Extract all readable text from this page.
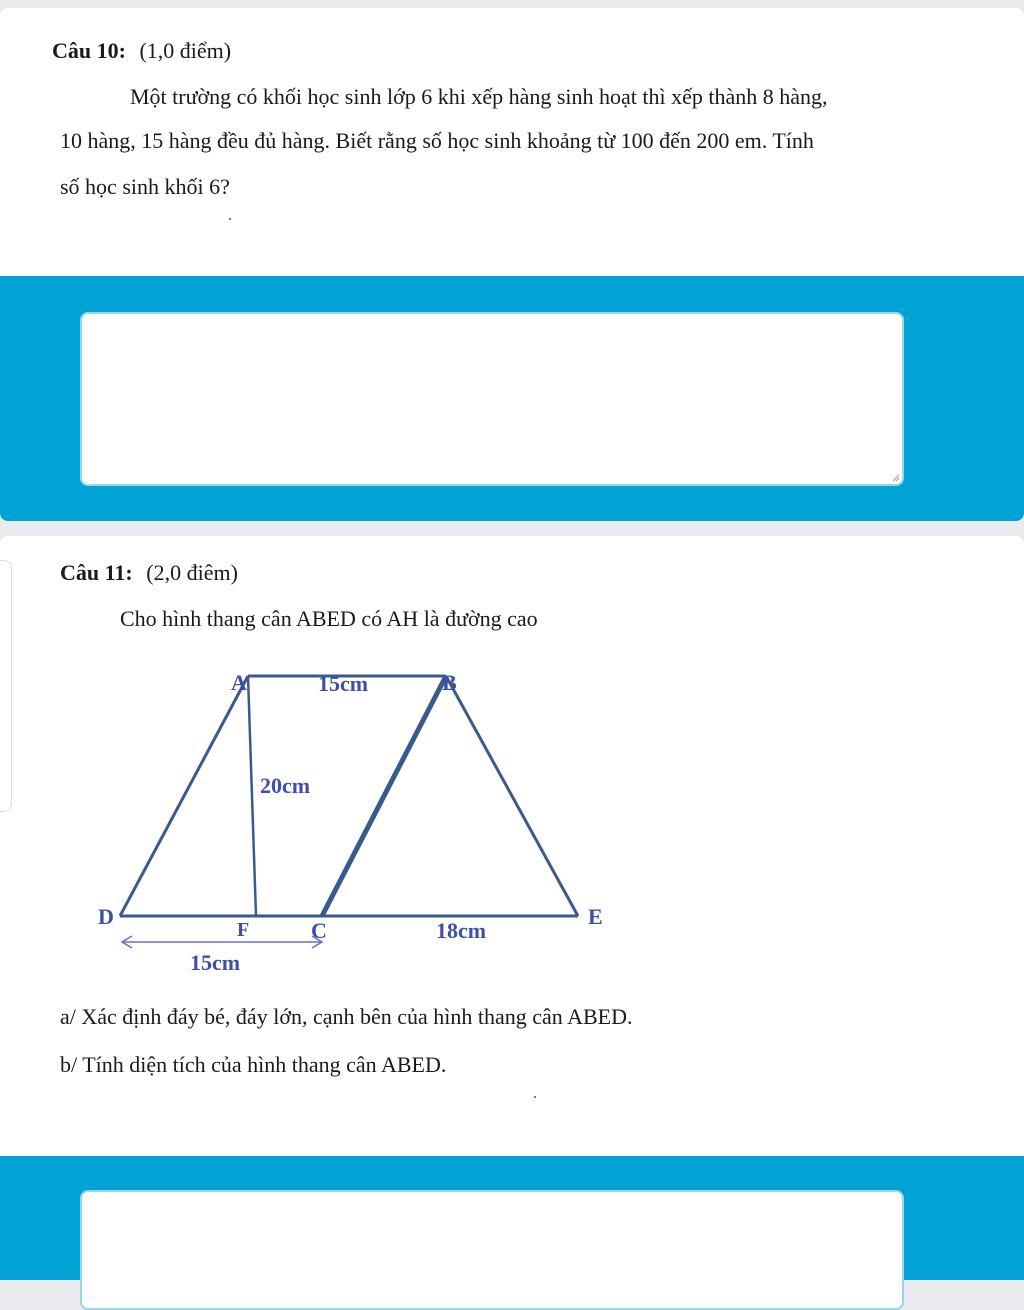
Câu 10: (1,0 điểm)
Một trường có khối học sinh lớp 6 khi xếp hàng sinh hoạt thì xếp thành 8 hàng,
10 hàng, 15 hàng đều đủ hàng. Biết rằng số học sinh khoảng từ 100 đến 200 em. Tính
số học sinh khối 6?
Câu 11: (2,0 điêm)
Cho hình thang cân ABED có AH là đường cao
A	B
D	E
F	C
15cm
20cm
15cm
18cm
a/ Xác định đáy bé, đáy lớn, cạnh bên của hình thang cân ABED.
b/ Tính diện tích của hình thang cân ABED.
